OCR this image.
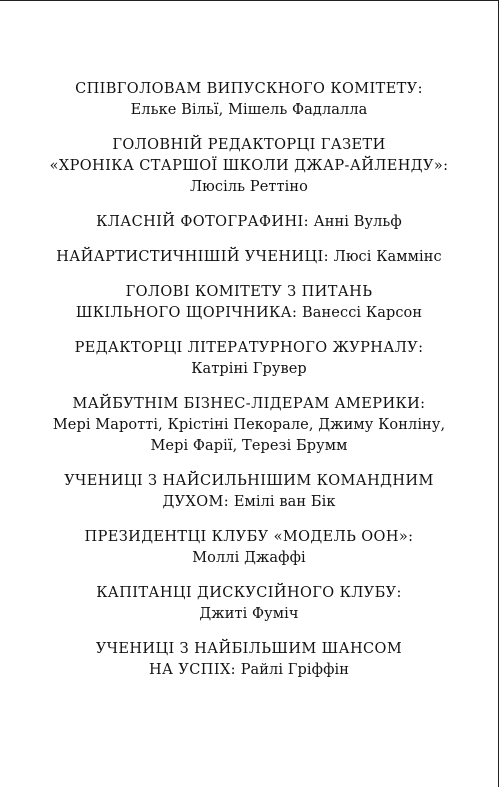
СПІВГОЛОВАМ ВИПУСКНОГО КОМІТЕТУ:
Ельке Вільї, Мішель Фадлалла
ГОЛОВНІЙ РЕДАКТОРЦІ ГАЗЕТИ
«ХРОНІКА СТАРШОЇ ШКОЛИ ДЖАР-АЙЛЕНДУ»:
Люсіль Реттіно
КЛАСНІЙ ФОТОГРАФИНІ: Анні Вульф
НАЙАРТИСТИЧНІШІЙ УЧЕНИЦІ: Люсі Каммінс
ГОЛОВІ КОМІТЕТУ З ПИТАНЬ
ШКІЛЬНОГО ЩОРІЧНИКА: Ванессі Карсон
РЕДАКТОРЦІ ЛІТЕРАТУРНОГО ЖУРНАЛУ:
Катріні Грувер
МАЙБУТНІМ БІЗНЕС-ЛІДЕРАМ АМЕРИКИ:
Мері Маротті, Крістіні Пекорале, Джиму Конліну,
Мері Фарії, Терезі Брумм
УЧЕНИЦІ З НАЙСИЛЬНІШИМ КОМАНДНИМ
ДУХОМ: Емілі ван Бік
ПРЕЗИДЕНТЦІ КЛУБУ «МОДЕЛЬ ООН»:
Моллі Джаффі
КАПІТАНЦІ ДИСКУСІЙНОГО КЛУБУ:
Джиті Фуміч
УЧЕНИЦІ З НАЙБІЛЬШИМ ШАНСОМ
НА УСПІХ: Райлі Гріффін
